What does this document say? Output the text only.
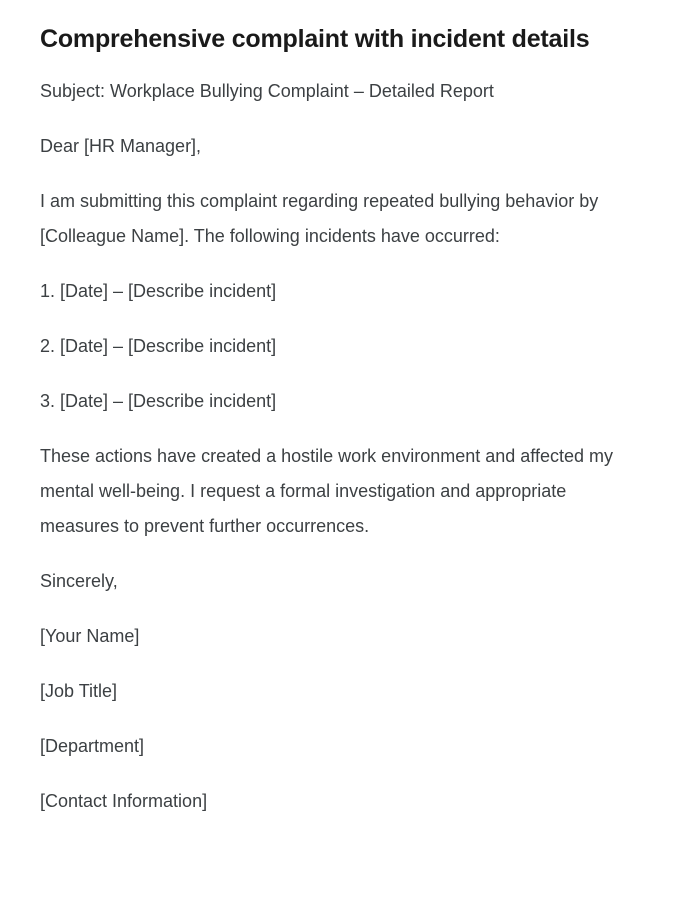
Comprehensive complaint with incident details

Subject: Workplace Bullying Complaint – Detailed Report

Dear [HR Manager],

I am submitting this complaint regarding repeated bullying behavior by [Colleague Name]. The following incidents have occurred:

1. [Date] – [Describe incident]

2. [Date] – [Describe incident]

3. [Date] – [Describe incident]

These actions have created a hostile work environment and affected my mental well-being. I request a formal investigation and appropriate measures to prevent further occurrences.

Sincerely,

[Your Name]

[Job Title]

[Department]

[Contact Information]
